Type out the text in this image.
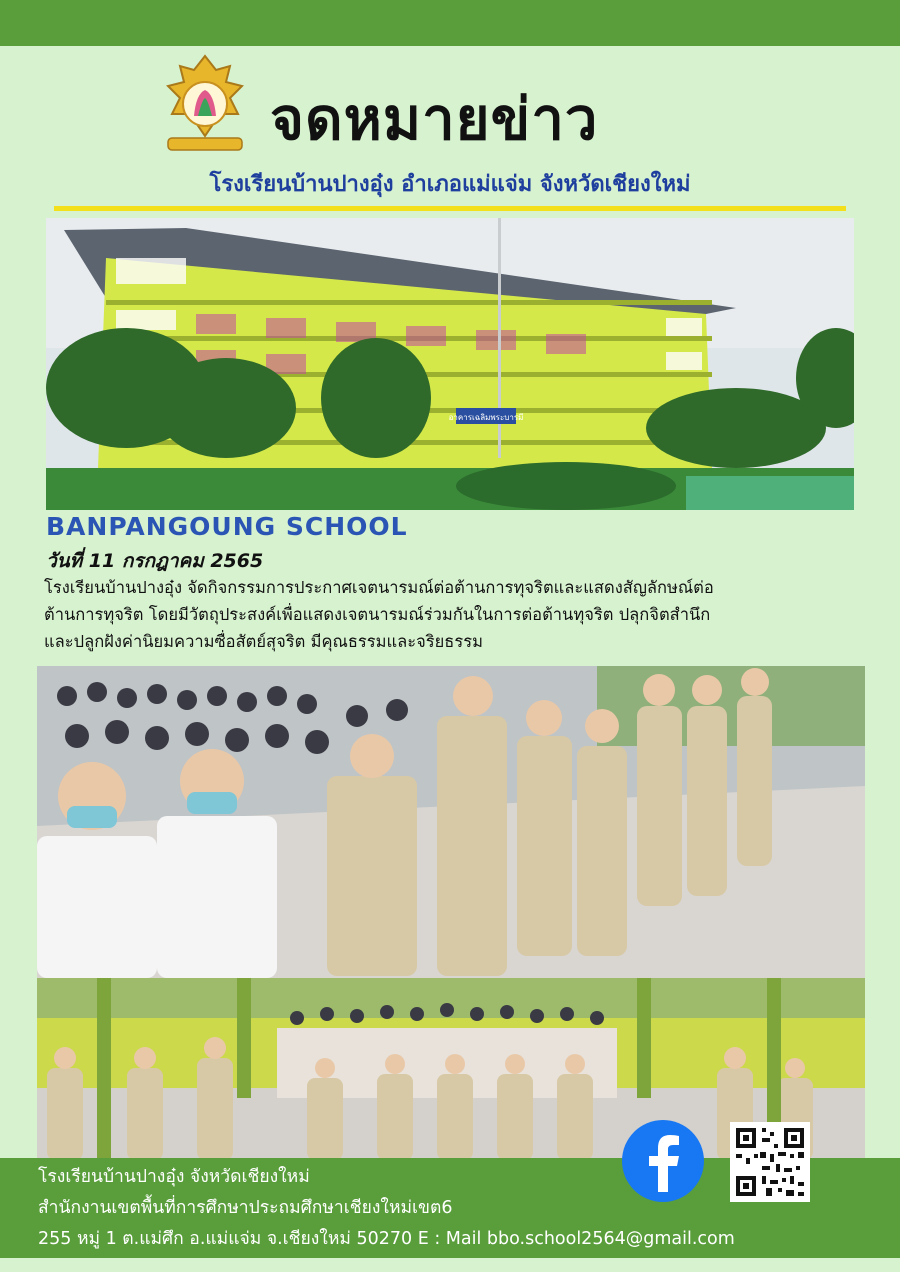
จดหมายข่าว
โรงเรียนบ้านปางอุ๋ง อำเภอแม่แจ่ม จังหวัดเชียงใหม่
อาคารเฉลิมพระบารมี
BANPANGOUNG SCHOOL
วันที่ 11 กรกฎาคม 2565
โรงเรียนบ้านปางอุ๋ง จัดกิจกรรมการประกาศเจตนารมณ์ต่อต้านการทุจริตและแสดงสัญลักษณ์ต่อ
ต้านการทุจริต โดยมีวัตถุประสงค์เพื่อแสดงเจตนารมณ์ร่วมกันในการต่อต้านทุจริต ปลุกจิตสำนึก
และปลูกฝังค่านิยมความซื่อสัตย์สุจริต มีคุณธรรมและจริยธรรม
โรงเรียนบ้านปางอุ๋ง จังหวัดเชียงใหม่
สำนักงานเขตพื้นที่การศึกษาประถมศึกษาเชียงใหม่เขต6
255 หมู่ 1 ต.แม่ศึก อ.แม่แจ่ม จ.เชียงใหม่ 50270 E : Mail bbo.school2564@gmail.com
